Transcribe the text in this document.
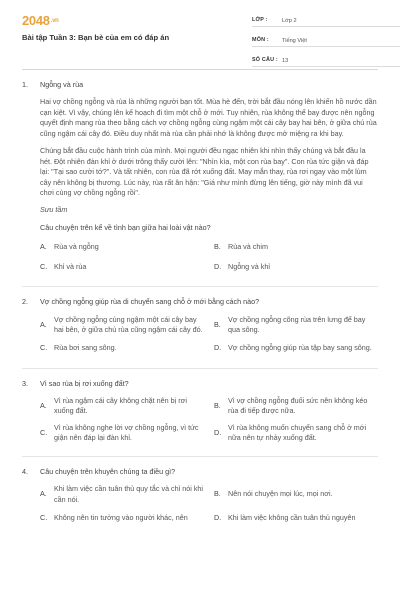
$2048^{.vn}$
Bài tập Tuần 3: Bạn bè của em có đáp án
LỚP :	Lớp 2
MÔN :	Tiếng Việt
SỐ CÂU : 13
1.	Ngỗng và rùa

Hai vợ chồng ngỗng và rùa là những người bạn tốt. Mùa hè đến, trời bắt đầu nóng lên khiến hồ nước dần cạn kiệt. Vì vậy, chúng lên kế hoạch đi tìm một chỗ ở mới. Tuy nhiên, rùa không thể bay được nên ngỗng quyết định mang rùa theo bằng cách vợ chồng ngỗng cùng ngậm một cái cây bay hai bên, ở giữa chú rùa cũng ngậm cái cây đó. Điều duy nhất mà rùa cần phải nhớ là không được mở miệng ra khi bay.

Chúng bắt đầu cuộc hành trình của mình. Mọi người đều ngạc nhiên khi nhìn thấy chúng và bắt đầu la hét. Đột nhiên đàn khỉ ở dưới trông thấy cười lên: "Nhìn kìa, một con rùa bay". Con rùa tức giận và đáp lại: "Tại sao cười tớ?". Và tất nhiên, con rùa đã rớt xuống đất. May mắn thay, rùa rơi ngay vào một lùm cây nên không bị thương. Lúc này, rùa rất ân hận: "Giá như mình đừng lên tiếng, giờ này mình đã vui chơi cùng vợ chồng ngỗng rồi".

Sưu tầm

Câu chuyện trên kể về tình bạn giữa hai loài vật nào?
A.	Rùa và ngỗng	B.	Rùa và chim
C. Khỉ và rùa	D. Ngỗng và khỉ
2.	Vợ chồng ngỗng giúp rùa di chuyển sang chỗ ở mới bằng cách nào?
A.
Vợ chồng ngỗng cùng ngậm một cái cây bay hai bên, ở giữa chú rùa cũng ngậm cái cây đó.
B.
Vợ chồng ngỗng cõng rùa trên lưng để bay qua sông.
C. Rùa bơi sang sông.	D. Vợ chồng ngỗng giúp rùa tập bay sang sông.
3.	Vì sao rùa bị rơi xuống đất?
A.
Vì rùa ngậm cái cây không chặt nên bị rơi xuống đất.
B.
Vì vợ chồng ngỗng đuối sức nên không kéo rùa đi tiếp được nữa.
C.
Vì rùa không nghe lời vợ chồng ngỗng, vì tức giận nên đáp lại đàn khỉ.
D.
Vì rùa không muốn chuyển sang chỗ ở mới nữa nên tự nhảy xuống đất.
4.	Câu chuyện trên khuyên chúng ta điều gì?
A.
Khi làm việc cần tuân thủ quy tắc và chỉ nói khi cần nói.
B.	Nên nói chuyện mọi lúc, mọi nơi.
C. Không nên tin tưởng vào người khác, nên	D. Khi làm việc không cần tuân thủ nguyên
